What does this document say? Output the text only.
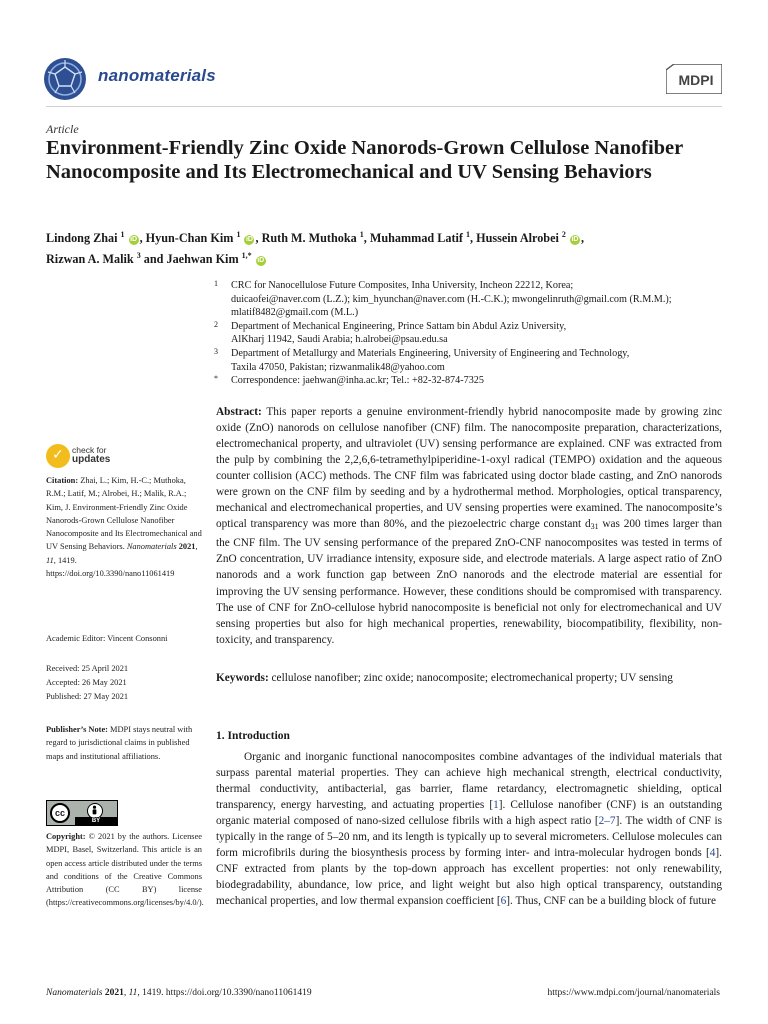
nanomaterials	MDPI
Article
Environment-Friendly Zinc Oxide Nanorods-Grown Cellulose Nanofiber Nanocomposite and Its Electromechanical and UV Sensing Behaviors
Lindong Zhai $^1$ iD , Hyun-Chan Kim $^1$ iD , Ruth M. Muthoka $^1$, Muhammad Latif $^1$, Hussein Alrobei $^2$ iD ,
Rizwan A. Malik $^3$ and Jaehwan Kim $^{1,*}$ iD
1 CRC for Nanocellulose Future Composites, Inha University, Incheon 22212, Korea;
duicaofei@naver.com (L.Z.); kim_hyunchan@naver.com (H.-C.K.); mwongelinruth@gmail.com (R.M.M.);
mlatif8482@gmail.com (M.L.)
2 Department of Mechanical Engineering, Prince Sattam bin Abdul Aziz University,
AlKharj 11942, Saudi Arabia; h.alrobei@psau.edu.sa
3 Department of Metallurgy and Materials Engineering, University of Engineering and Technology,
Taxila 47050, Pakistan; rizwanmalik48@yahoo.com
* Correspondence: jaehwan@inha.ac.kr; Tel.: +82-32-874-7325
✓ check for
updates
Citation: Zhai, L.; Kim, H.-C.; Muthoka, R.M.; Latif, M.; Alrobei, H.; Malik, R.A.; Kim, J. Environment-Friendly Zinc Oxide Nanorods-Grown Cellulose Nanofiber Nanocomposite and Its Electromechanical and UV Sensing Behaviors. Nanomaterials 2021, 11, 1419. https://doi.org/10.3390/nano11061419
Academic Editor: Vincent Consonni
Received: 25 April 2021
Accepted: 26 May 2021
Published: 27 May 2021
Publisher’s Note: MDPI stays neutral with regard to jurisdictional claims in published maps and institutional affiliations.
cc
BY
Copyright: © 2021 by the authors. Licensee MDPI, Basel, Switzerland. This article is an open access article distributed under the terms and conditions of the Creative Commons Attribution (CC BY) license (https://creativecommons.org/licenses/by/4.0/).
Abstract: This paper reports a genuine environment-friendly hybrid nanocomposite made by growing zinc oxide (ZnO) nanorods on cellulose nanofiber (CNF) film. The nanocomposite preparation, characterizations, electromechanical property, and ultraviolet (UV) sensing performance are explained. CNF was extracted from the pulp by combining the 2,2,6,6-tetramethylpiperidine-1-oxyl radical (TEMPO) oxidation and the aqueous counter collision (ACC) methods. The CNF film was fabricated using doctor blade casting, and ZnO nanorods were grown on the CNF film by seeding and by a hydrothermal method. Morphologies, optical transparency, mechanical and electromechanical properties, and UV sensing properties were examined. The nanocomposite’s optical transparency was more than 80%, and the piezoelectric charge constant $d_{31}$ was 200 times larger than the CNF film. The UV sensing performance of the prepared ZnO-CNF nanocomposites was tested in terms of ZnO concentration, UV irradiance intensity, exposure side, and electrode materials. A large aspect ratio of ZnO nanorods and a work function gap between ZnO nanorods and the electrode material are essential for improving the UV sensing performance. However, these conditions should be compromised with transparency. The use of CNF for ZnO-cellulose hybrid nanocomposite is beneficial not only for electromechanical and UV sensing properties but also for high mechanical properties, renewability, biocompatibility, flexibility, non-toxicity, and transparency.
Keywords: cellulose nanofiber; zinc oxide; nanocomposite; electromechanical property; UV sensing
1. Introduction

Organic and inorganic functional nanocomposites combine advantages of the individual materials that surpass parental material properties. They can achieve high mechanical strength, electrical conductivity, thermal conductivity, antibacterial, gas barrier, flame retardancy, electromagnetic shielding, optical transparency, energy harvesting, and actuating properties [1]. Cellulose nanofiber (CNF) is an outstanding organic material composed of nano-sized cellulose fibrils with a high aspect ratio [2–7]. The width of CNF is typically in the range of 5–20 nm, and its length is typically up to several micrometers. Cellulose molecules can form microfibrils during the biosynthesis process by forming inter- and intra-molecular hydrogen bonds [4]. CNF extracted from plants by the top-down approach has excellent properties: not only renewability, biodegradability, abundance, low price, and light weight but also high optical transparency, outstanding mechanical properties, and low thermal expansion coefficient [6]. Thus, CNF can be a building block of future

Nanomaterials 2021, 11, 1419. https://doi.org/10.3390/nano11061419	https://www.mdpi.com/journal/nanomaterials
